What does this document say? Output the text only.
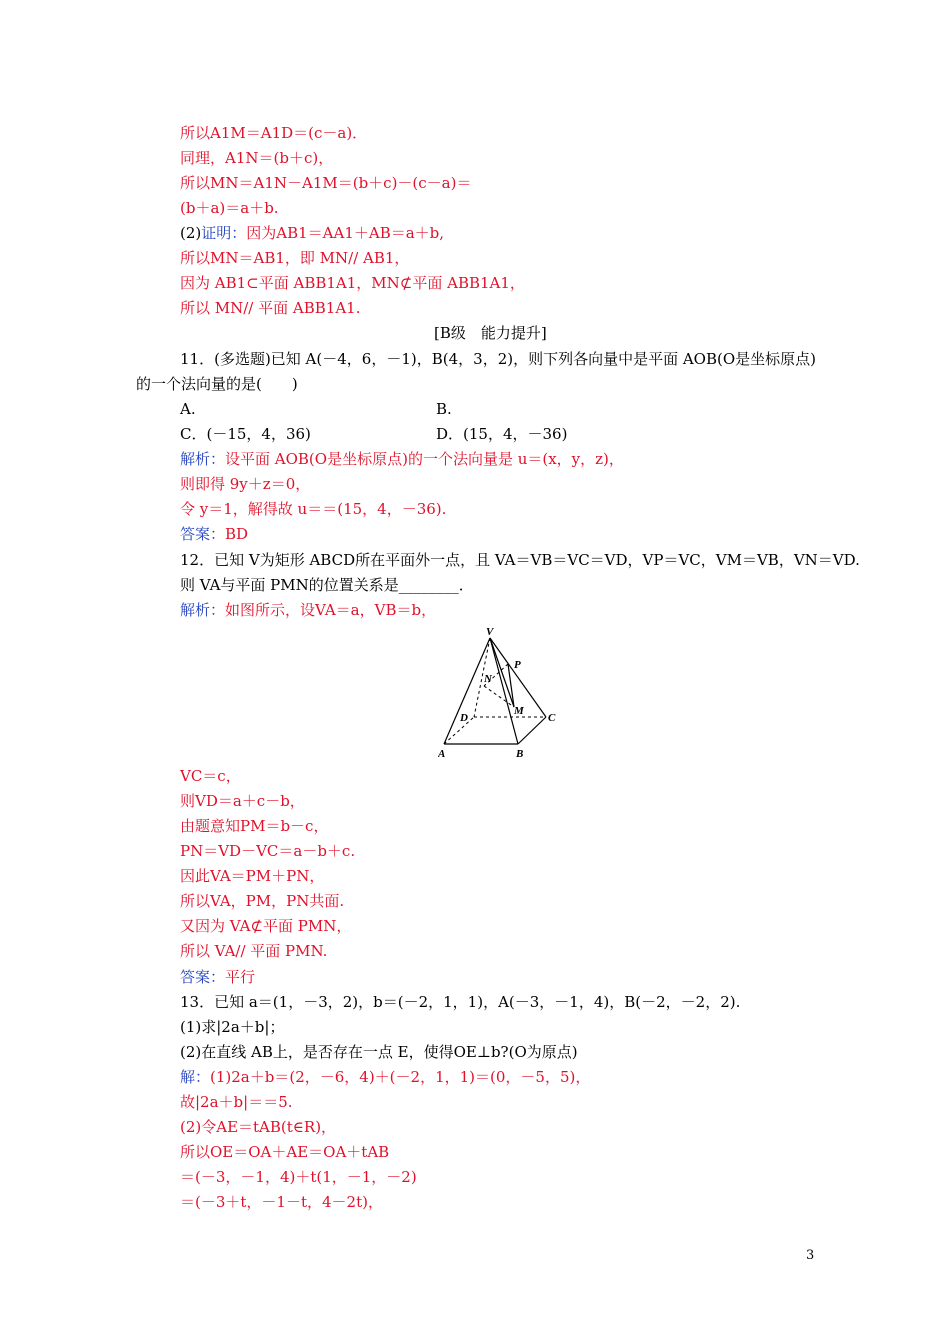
所以A1M＝A1D＝(c－a)．
同理，A1N＝(b＋c)，
所以MN＝A1N－A1M＝(b＋c)－(c－a)＝
(b＋a)＝a＋b.
(2)证明：因为AB1＝AA1＋AB＝a＋b,
所以MN＝AB1，即 MN// AB1，
因为 AB1⊂平面 ABB1A1，MN⊄平面 ABB1A1，
所以 MN// 平面 ABB1A1.
[B级　能力提升]
11．(多选题)已知 A(－4，6，－1)，B(4，3，2)，则下列各向量中是平面 AOB(O是坐标原点)
的一个法向量的是(　　)
A.	B.
C．(－15，4，36)	D．(15，4，－36)
解析：设平面 AOB(O是坐标原点)的一个法向量是 u＝(x，y，z)，
则即得 9y＋z＝0，
令 y＝1，解得故 u＝＝(15，4，－36).
答案：BD
12．已知 V为矩形 ABCD所在平面外一点，且 VA＝VB＝VC＝VD，VP＝VC，VM＝VB，VN＝VD.
则 VA与平面 PMN的位置关系是________．
解析：如图所示，设VA＝a，VB＝b，
V
P
N
M
D	C
A	B
VC＝c，
则VD＝a＋c－b，
由题意知PM＝b－c，
PN＝VD－VC＝a－b＋c.
因此VA＝PM＋PN，
所以VA，PM，PN共面.
又因为 VA⊄平面 PMN，
所以 VA// 平面 PMN.
答案：平行
13．已知 a＝(1，－3，2)，b＝(－2，1，1)，A(－3，－1，4)，B(－2，－2，2).
(1)求|2a＋b|；
(2)在直线 AB上，是否存在一点 E，使得OE⊥b?(O为原点)
解：(1)2a＋b＝(2，－6，4)＋(－2，1，1)＝(0，－5，5)，
故|2a＋b|＝＝5.
(2)令AE＝tAB(t∈R)，
所以OE＝OA＋AE＝OA＋tAB
＝(－3，－1，4)＋t(1，－1，－2)
＝(－3＋t，－1－t，4－2t)，
3
